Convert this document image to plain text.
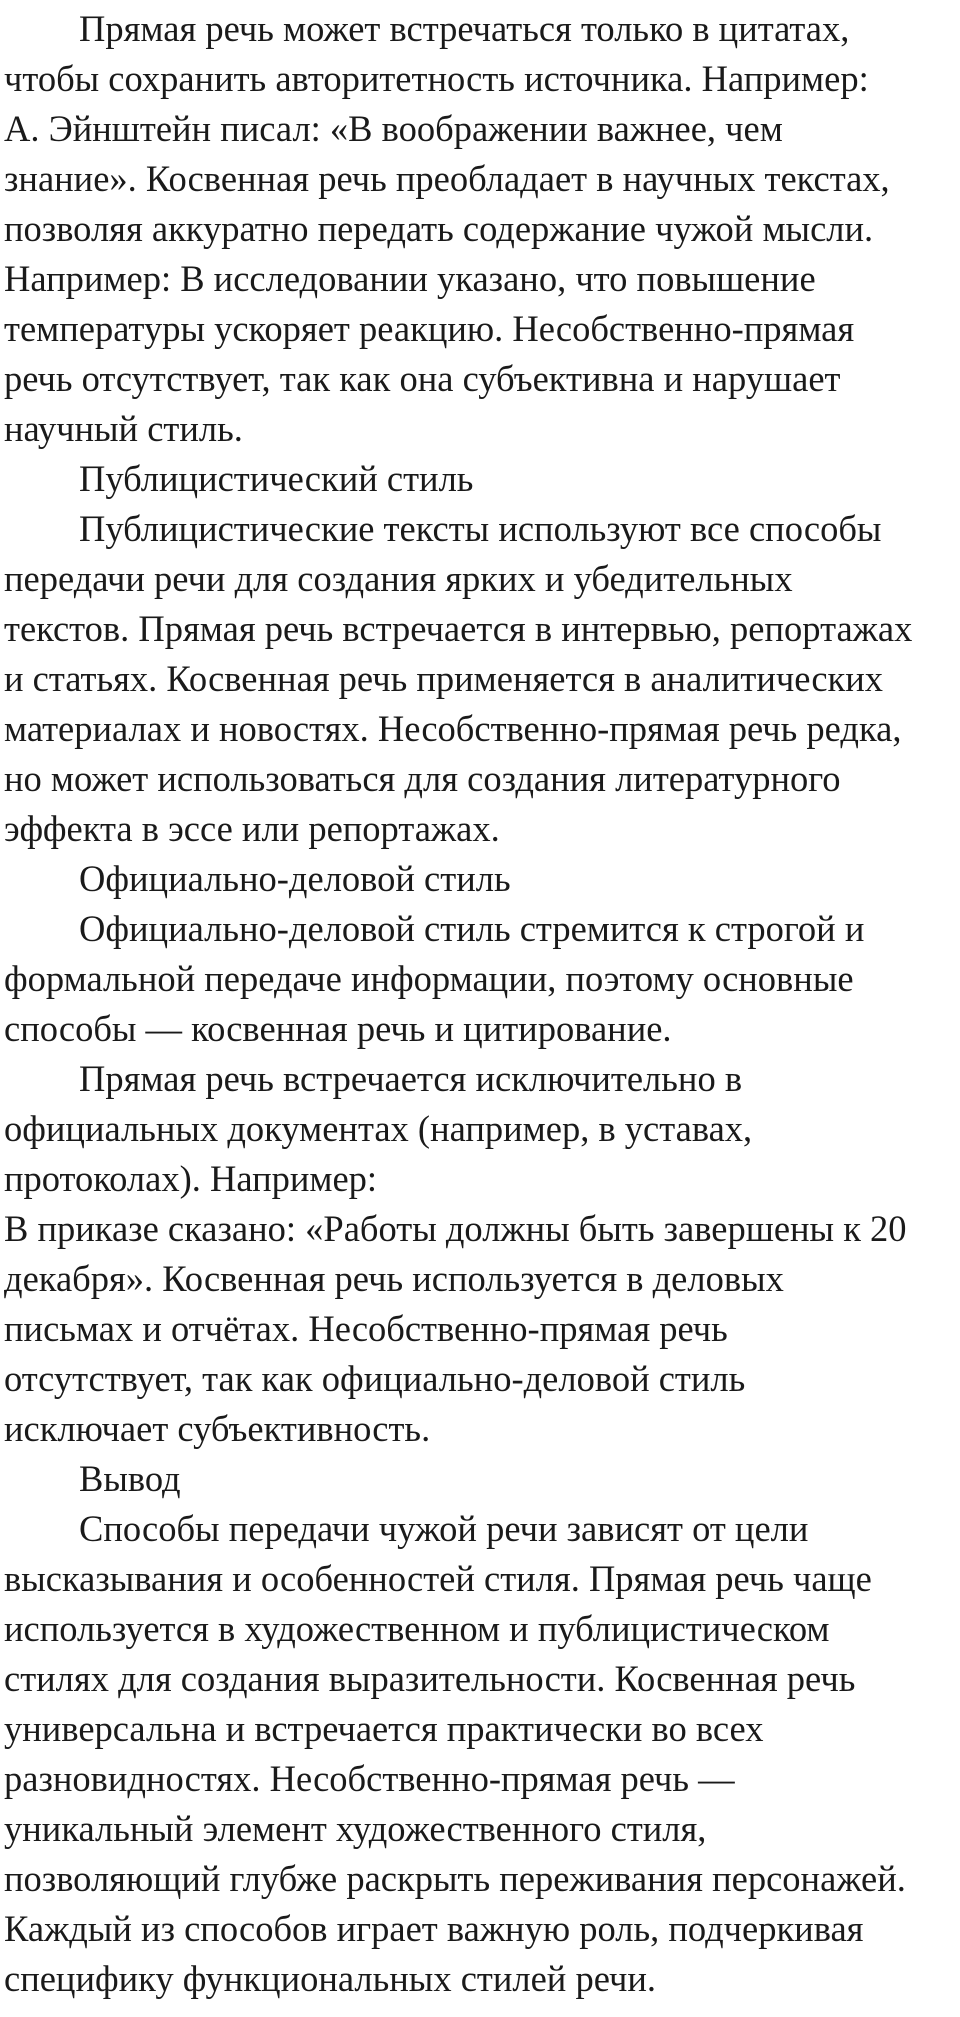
Прямая речь может встречаться только в цитатах,
чтобы сохранить авторитетность источника. Например:
А. Эйнштейн писал: «В воображении важнее, чем
знание». Косвенная речь преобладает в научных текстах,
позволяя аккуратно передать содержание чужой мысли.
Например: В исследовании указано, что повышение
температуры ускоряет реакцию. Несобственно-прямая
речь отсутствует, так как она субъективна и нарушает
научный стиль.
Публицистический стиль
Публицистические тексты используют все способы
передачи речи для создания ярких и убедительных
текстов. Прямая речь встречается в интервью, репортажах
и статьях. Косвенная речь применяется в аналитических
материалах и новостях. Несобственно-прямая речь редка,
но может использоваться для создания литературного
эффекта в эссе или репортажах.
Официально-деловой стиль
Официально-деловой стиль стремится к строгой и
формальной передаче информации, поэтому основные
способы — косвенная речь и цитирование.
Прямая речь встречается исключительно в
официальных документах (например, в уставах,
протоколах). Например:
В приказе сказано: «Работы должны быть завершены к 20
декабря». Косвенная речь используется в деловых
письмах и отчётах. Несобственно-прямая речь
отсутствует, так как официально-деловой стиль
исключает субъективность.
Вывод
Способы передачи чужой речи зависят от цели
высказывания и особенностей стиля. Прямая речь чаще
используется в художественном и публицистическом
стилях для создания выразительности. Косвенная речь
универсальна и встречается практически во всех
разновидностях. Несобственно-прямая речь —
уникальный элемент художественного стиля,
позволяющий глубже раскрыть переживания персонажей.
Каждый из способов играет важную роль, подчеркивая
специфику функциональных стилей речи.
